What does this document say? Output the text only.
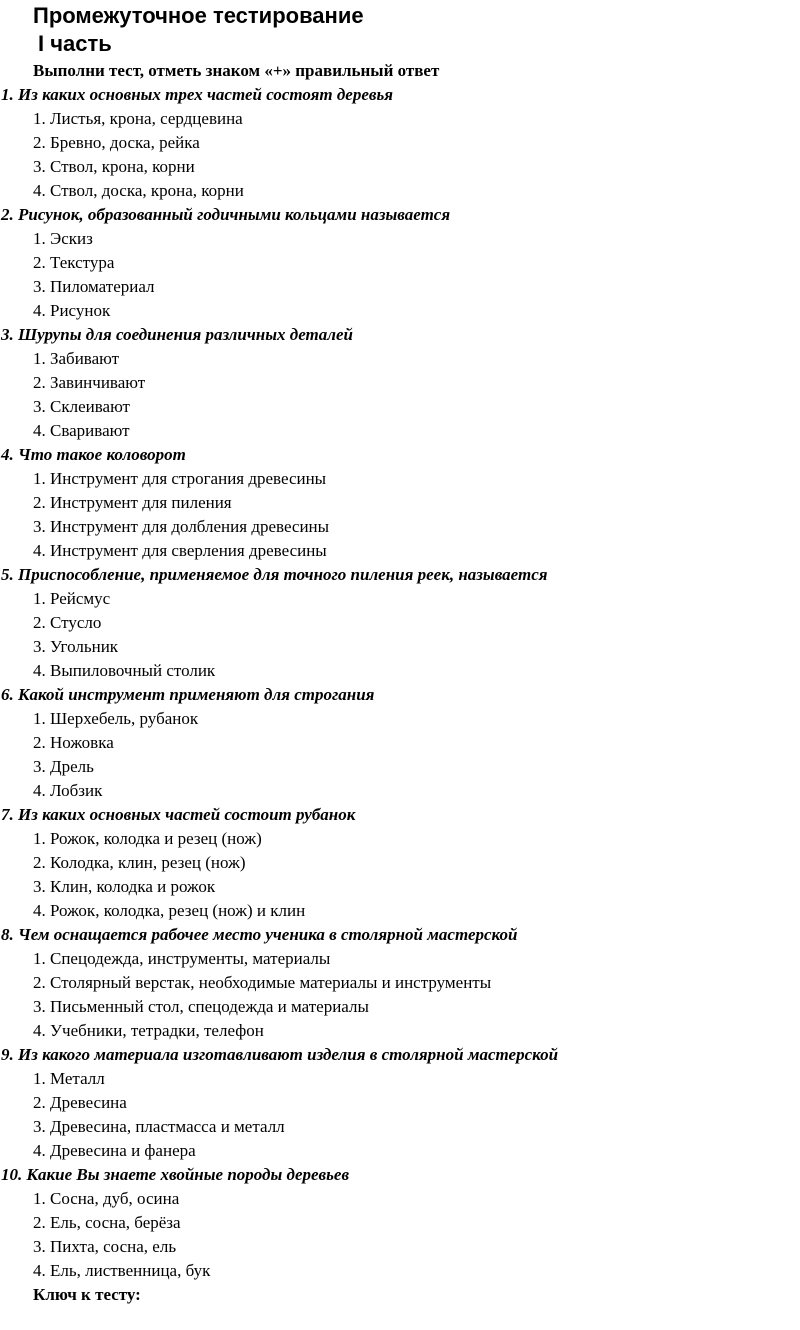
Промежуточное тестирование
I часть
Выполни тест, отметь знаком «+» правильный ответ
1. Из каких основных трех частей состоят деревья
1. Листья, крона, сердцевина
2. Бревно, доска, рейка
3. Ствол, крона, корни
4. Ствол, доска, крона, корни
2. Рисунок, образованный годичными кольцами называется
1. Эскиз
2. Текстура
3. Пиломатериал
4. Рисунок
3. Шурупы для соединения различных деталей
1. Забивают
2. Завинчивают
3. Склеивают
4. Сваривают
4. Что такое коловорот
1. Инструмент для строгания древесины
2. Инструмент для пиления
3. Инструмент для долбления древесины
4. Инструмент для сверления древесины
5. Приспособление, применяемое для точного пиления реек, называется
1. Рейсмус
2. Стусло
3. Угольник
4. Выпиловочный столик
6. Какой инструмент применяют для строгания
1. Шерхебель, рубанок
2. Ножовка
3. Дрель
4. Лобзик
7. Из каких основных частей состоит рубанок
1. Рожок, колодка и резец (нож)
2. Колодка, клин, резец (нож)
3. Клин, колодка и рожок
4. Рожок, колодка, резец (нож) и клин
8. Чем оснащается рабочее место ученика в столярной мастерской
1. Спецодежда, инструменты, материалы
2. Столярный верстак, необходимые материалы и инструменты
3. Письменный стол, спецодежда и материалы
4. Учебники, тетрадки, телефон
9. Из какого материала изготавливают изделия в столярной мастерской
1. Металл
2. Древесина
3. Древесина, пластмасса и металл
4. Древесина и фанера
10. Какие Вы знаете хвойные породы деревьев
1. Сосна, дуб, осина
2. Ель, сосна, берёза
3. Пихта, сосна, ель
4. Ель, лиственница, бук
Ключ к тесту:
